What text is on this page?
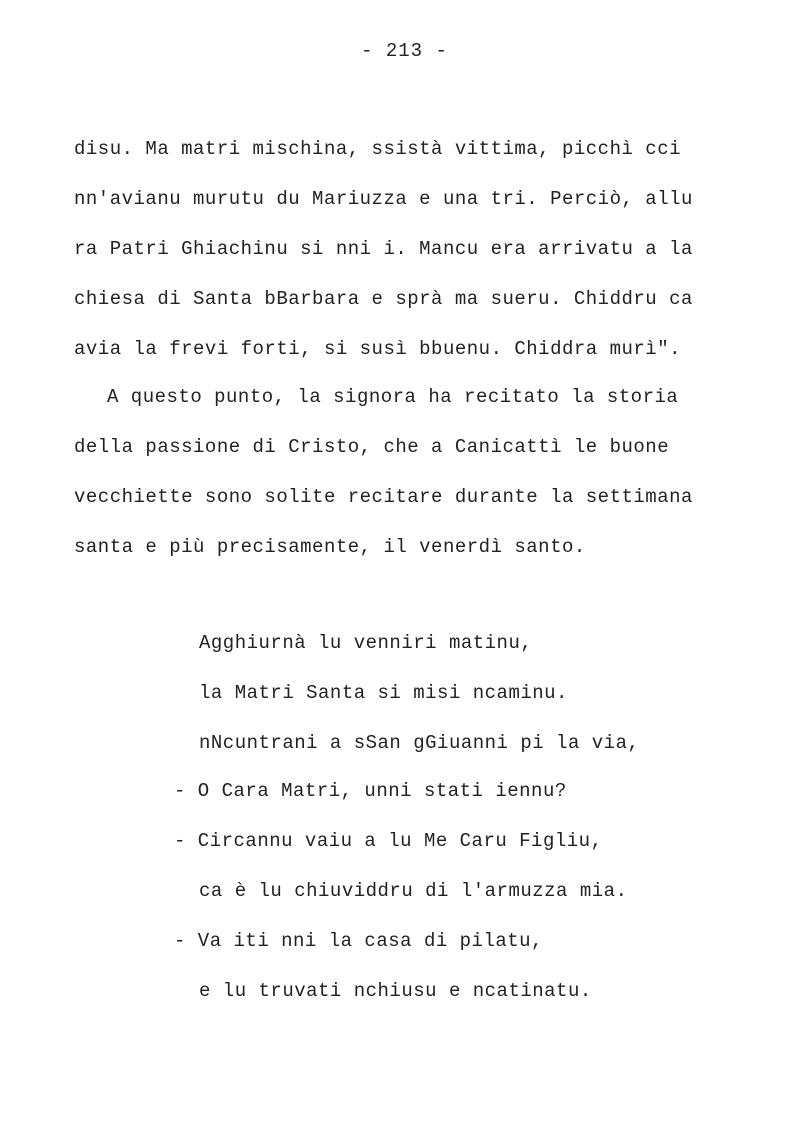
- 213 -
disu. Ma matri mischina, ssistà vittima, picchì cci
nn'avianu murutu du Mariuzza e una tri. Perciò, allu
ra Patri Ghiachinu si nni i. Mancu era arrivatu a la
chiesa di Santa bBarbara e sprà ma sueru. Chiddru ca
avia la frevi forti, si susì bbuenu. Chiddra murì".
A questo punto, la signora ha recitato la storia
della passione di Cristo, che a Canicattì le buone
vecchiette sono solite recitare durante la settimana
santa e più precisamente, il venerdì santo.
Agghiurnà lu venniri matinu,
la Matri Santa si misi ncaminu.
nNcuntrani a sSan gGiuanni pi la via,
- O Cara Matri, unni stati iennu?
- Circannu vaiu a lu Me Caru Figliu,
ca è lu chiuviddru di l'armuzza mia.
- Va iti nni la casa di pilatu,
e lu truvati nchiusu e ncatinatu.
